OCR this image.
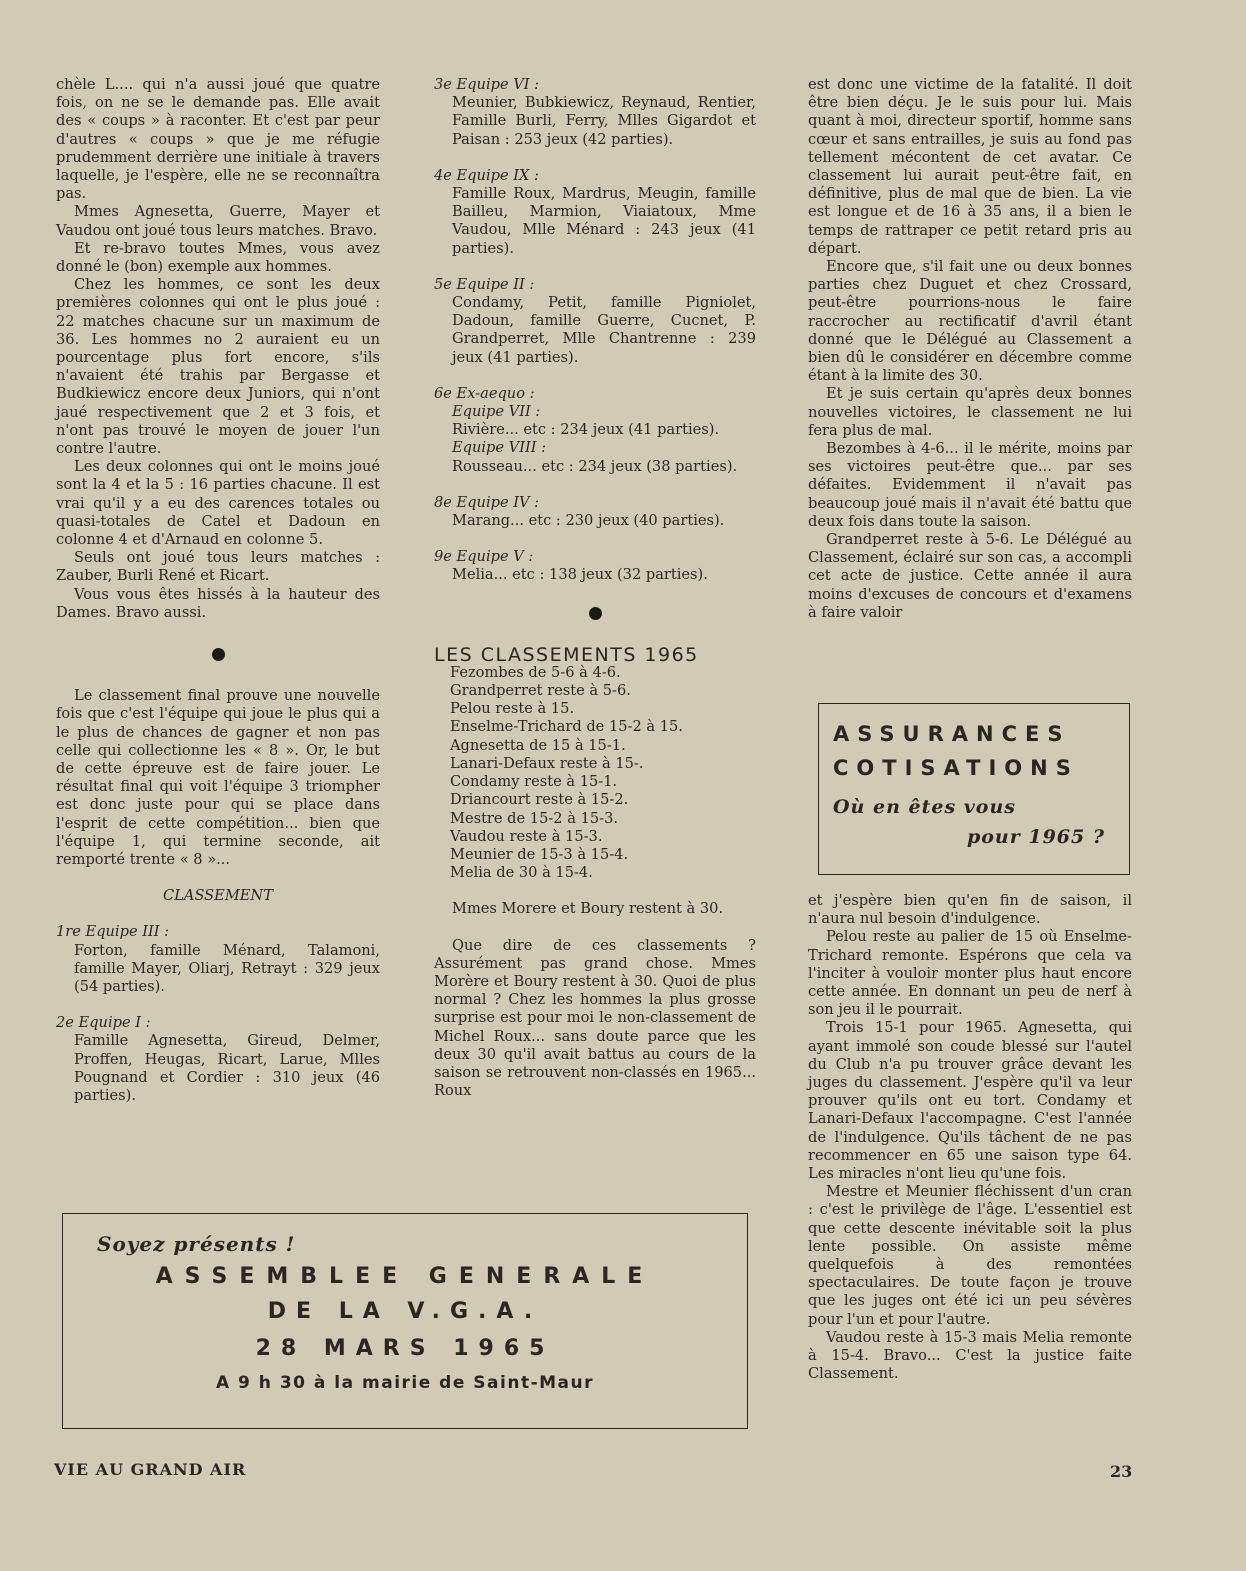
chèle L.... qui n'a aussi joué que quatre fois, on ne se le demande pas. Elle avait des « coups » à raconter. Et c'est par peur d'autres « coups » que je me réfugie prudemment derrière une initiale à travers laquelle, je l'espère, elle ne se reconnaîtra pas.

Mmes Agnesetta, Guerre, Mayer et Vaudou ont joué tous leurs matches. Bravo.

Et re-bravo toutes Mmes, vous avez donné le (bon) exemple aux hommes.

Chez les hommes, ce sont les deux premières colonnes qui ont le plus joué : 22 matches chacune sur un maximum de 36. Les hommes no 2 auraient eu un pourcentage plus fort encore, s'ils n'avaient été trahis par Bergasse et Budkiewicz encore deux Juniors, qui n'ont jaué respectivement que 2 et 3 fois, et n'ont pas trouvé le moyen de jouer l'un contre l'autre.

Les deux colonnes qui ont le moins joué sont la 4 et la 5 : 16 parties chacune. Il est vrai qu'il y a eu des carences totales ou quasi-totales de Catel et Dadoun en colonne 4 et d'Arnaud en colonne 5.

Seuls ont joué tous leurs matches : Zauber, Burli René et Ricart.

Vous vous êtes hissés à la hauteur des Dames. Bravo aussi.

Le classement final prouve une nouvelle fois que c'est l'équipe qui joue le plus qui a le plus de chances de gagner et non pas celle qui collectionne les « 8 ». Or, le but de cette épreuve est de faire jouer. Le résultat final qui voit l'équipe 3 triompher est donc juste pour qui se place dans l'esprit de cette compétition... bien que l'équipe 1, qui termine seconde, ait remporté trente « 8 »...

CLASSEMENT

1re Equipe III :

Forton, famille Ménard, Talamoni, famille Mayer, Oliarj, Retrayt : 329 jeux (54 parties).

2e Equipe I :

Famille Agnesetta, Gireud, Delmer, Proffen, Heugas, Ricart, Larue, Mlles Pougnand et Cordier : 310 jeux (46 parties).

3e Equipe VI :

Meunier, Bubkiewicz, Reynaud, Rentier, Famille Burli, Ferry, Mlles Gigardot et Paisan : 253 jeux (42 parties).

4e Equipe IX :

Famille Roux, Mardrus, Meugin, famille Bailleu, Marmion, Viaiatoux, Mme Vaudou, Mlle Ménard : 243 jeux (41 parties).

5e Equipe II :

Condamy, Petit, famille Pigniolet, Dadoun, famille Guerre, Cucnet, P. Grandperret, Mlle Chantrenne : 239 jeux (41 parties).

6e Ex-aequo :

Equipe VII :

Rivière... etc : 234 jeux (41 parties).

Equipe VIII :

Rousseau... etc : 234 jeux (38 parties).

8e Equipe IV :

Marang... etc : 230 jeux (40 parties).

9e Equipe V :

Melia... etc : 138 jeux (32 parties).

LES CLASSEMENTS 1965

Fezombes de 5-6 à 4-6.

Grandperret reste à 5-6.

Pelou reste à 15.

Enselme-Trichard de 15-2 à 15.

Agnesetta de 15 à 15-1.

Lanari-Defaux reste à 15-.

Condamy reste à 15-1.

Driancourt reste à 15-2.

Mestre de 15-2 à 15-3.

Vaudou reste à 15-3.

Meunier de 15-3 à 15-4.

Melia de 30 à 15-4.

Mmes Morere et Boury restent à 30.

Que dire de ces classements ? Assurément pas grand chose. Mmes Morère et Boury restent à 30. Quoi de plus normal ? Chez les hommes la plus grosse surprise est pour moi le non-classement de Michel Roux... sans doute parce que les deux 30 qu'il avait battus au cours de la saison se retrouvent non-classés en 1965... Roux

est donc une victime de la fatalité. Il doit être bien déçu. Je le suis pour lui. Mais quant à moi, directeur sportif, homme sans cœur et sans entrailles, je suis au fond pas tellement mécontent de cet avatar. Ce classement lui aurait peut-être fait, en définitive, plus de mal que de bien. La vie est longue et de 16 à 35 ans, il a bien le temps de rattraper ce petit retard pris au départ.

Encore que, s'il fait une ou deux bonnes parties chez Duguet et chez Crossard, peut-être pourrions-nous le faire raccrocher au rectificatif d'avril étant donné que le Délégué au Classement a bien dû le considérer en décembre comme étant à la limite des 30.

Et je suis certain qu'après deux bonnes nouvelles victoires, le classement ne lui fera plus de mal.

Bezombes à 4-6... il le mérite, moins par ses victoires peut-être que... par ses défaites. Evidemment il n'avait pas beaucoup joué mais il n'avait été battu que deux fois dans toute la saison.

Grandperret reste à 5-6. Le Délégué au Classement, éclairé sur son cas, a accompli cet acte de justice. Cette année il aura moins d'excuses de concours et d'examens à faire valoir

ASSURANCES
COTISATIONS
Où en êtes vous
pour 1965 ?

et j'espère bien qu'en fin de saison, il n'aura nul besoin d'indulgence.

Pelou reste au palier de 15 où Enselme-Trichard remonte. Espérons que cela va l'inciter à vouloir monter plus haut encore cette année. En donnant un peu de nerf à son jeu il le pourrait.

Trois 15-1 pour 1965. Agnesetta, qui ayant immolé son coude blessé sur l'autel du Club n'a pu trouver grâce devant les juges du classement. J'espère qu'il va leur prouver qu'ils ont eu tort. Condamy et Lanari-Defaux l'accompagne. C'est l'année de l'indulgence. Qu'ils tâchent de ne pas recommencer en 65 une saison type 64. Les miracles n'ont lieu qu'une fois.

Mestre et Meunier fléchissent d'un cran : c'est le privilège de l'âge. L'essentiel est que cette descente inévitable soit la plus lente possible. On assiste même quelquefois à des remontées spectaculaires. De toute façon je trouve que les juges ont été ici un peu sévères pour l'un et pour l'autre.

Vaudou reste à 15-3 mais Melia remonte à 15-4. Bravo... C'est la justice faite Classement.

Soyez présents !
ASSEMBLEE GENERALE
DE LA V.G.A.
28 MARS 1965
A 9 h 30 à la mairie de Saint-Maur
VIE AU GRAND AIR	23
